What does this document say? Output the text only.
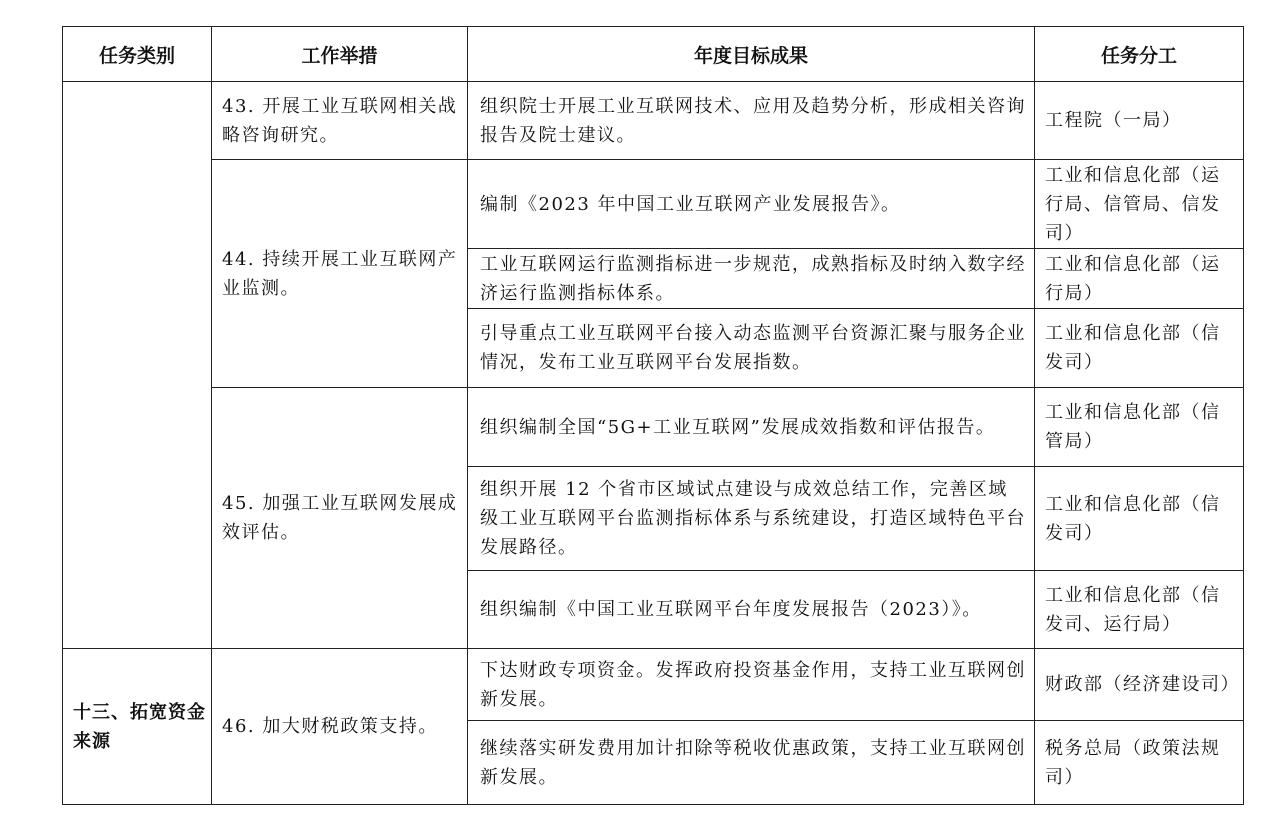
任务类别	工作举措	年度目标成果	任务分工
	43. 开展工业互联网相关战略咨询研究。	组织院士开展工业互联网技术、应用及趋势分析，形成相关咨询报告及院士建议。	工程院（一局）
	44. 持续开展工业互联网产业监测。	编制《2023 年中国工业互联网产业发展报告》。	工业和信息化部（运行局、信管局、信发司）
		工业互联网运行监测指标进一步规范，成熟指标及时纳入数字经济运行监测指标体系。	工业和信息化部（运行局）
		引导重点工业互联网平台接入动态监测平台资源汇聚与服务企业情况，发布工业互联网平台发展指数。	工业和信息化部（信发司）
	45. 加强工业互联网发展成效评估。	组织编制全国“5G+工业互联网”发展成效指数和评估报告。	工业和信息化部（信管局）
		组织开展 12 个省市区域试点建设与成效总结工作，完善区域级工业互联网平台监测指标体系与系统建设，打造区域特色平台发展路径。	工业和信息化部（信发司）
		组织编制《中国工业互联网平台年度发展报告（2023）》。	工业和信息化部（信发司、运行局）
十三、拓宽资金来源	46. 加大财税政策支持。	下达财政专项资金。发挥政府投资基金作用，支持工业互联网创新发展。	财政部（经济建设司）
		继续落实研发费用加计扣除等税收优惠政策，支持工业互联网创新发展。	税务总局（政策法规司）
